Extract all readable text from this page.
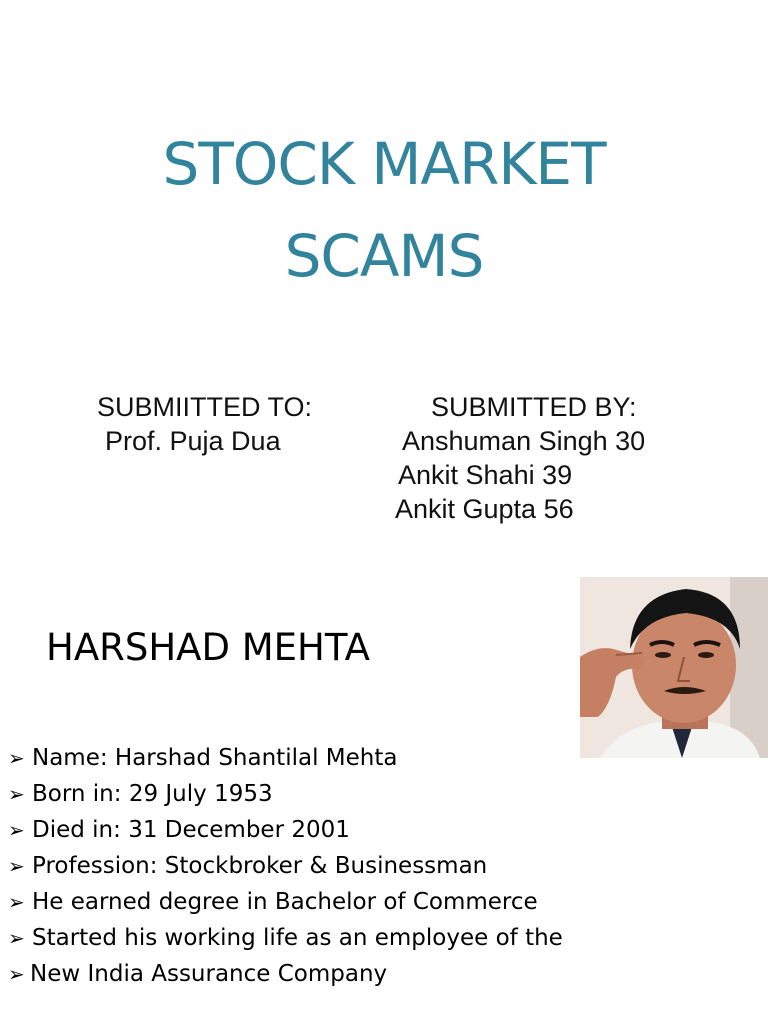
STOCK MARKET
SCAMS
SUBMIITTED TO:
Prof. Puja Dua
SUBMITTED BY:
Anshuman Singh 30
Ankit Shahi 39
Ankit Gupta 56
HARSHAD MEHTA
➢ Name: Harshad Shantilal Mehta
➢ Born in: 29 July 1953
➢ Died in: 31 December 2001
➢ Profession: Stockbroker & Businessman
➢ He earned degree in Bachelor of Commerce
➢ Started his working life as an employee of the
➢ New India Assurance Company
